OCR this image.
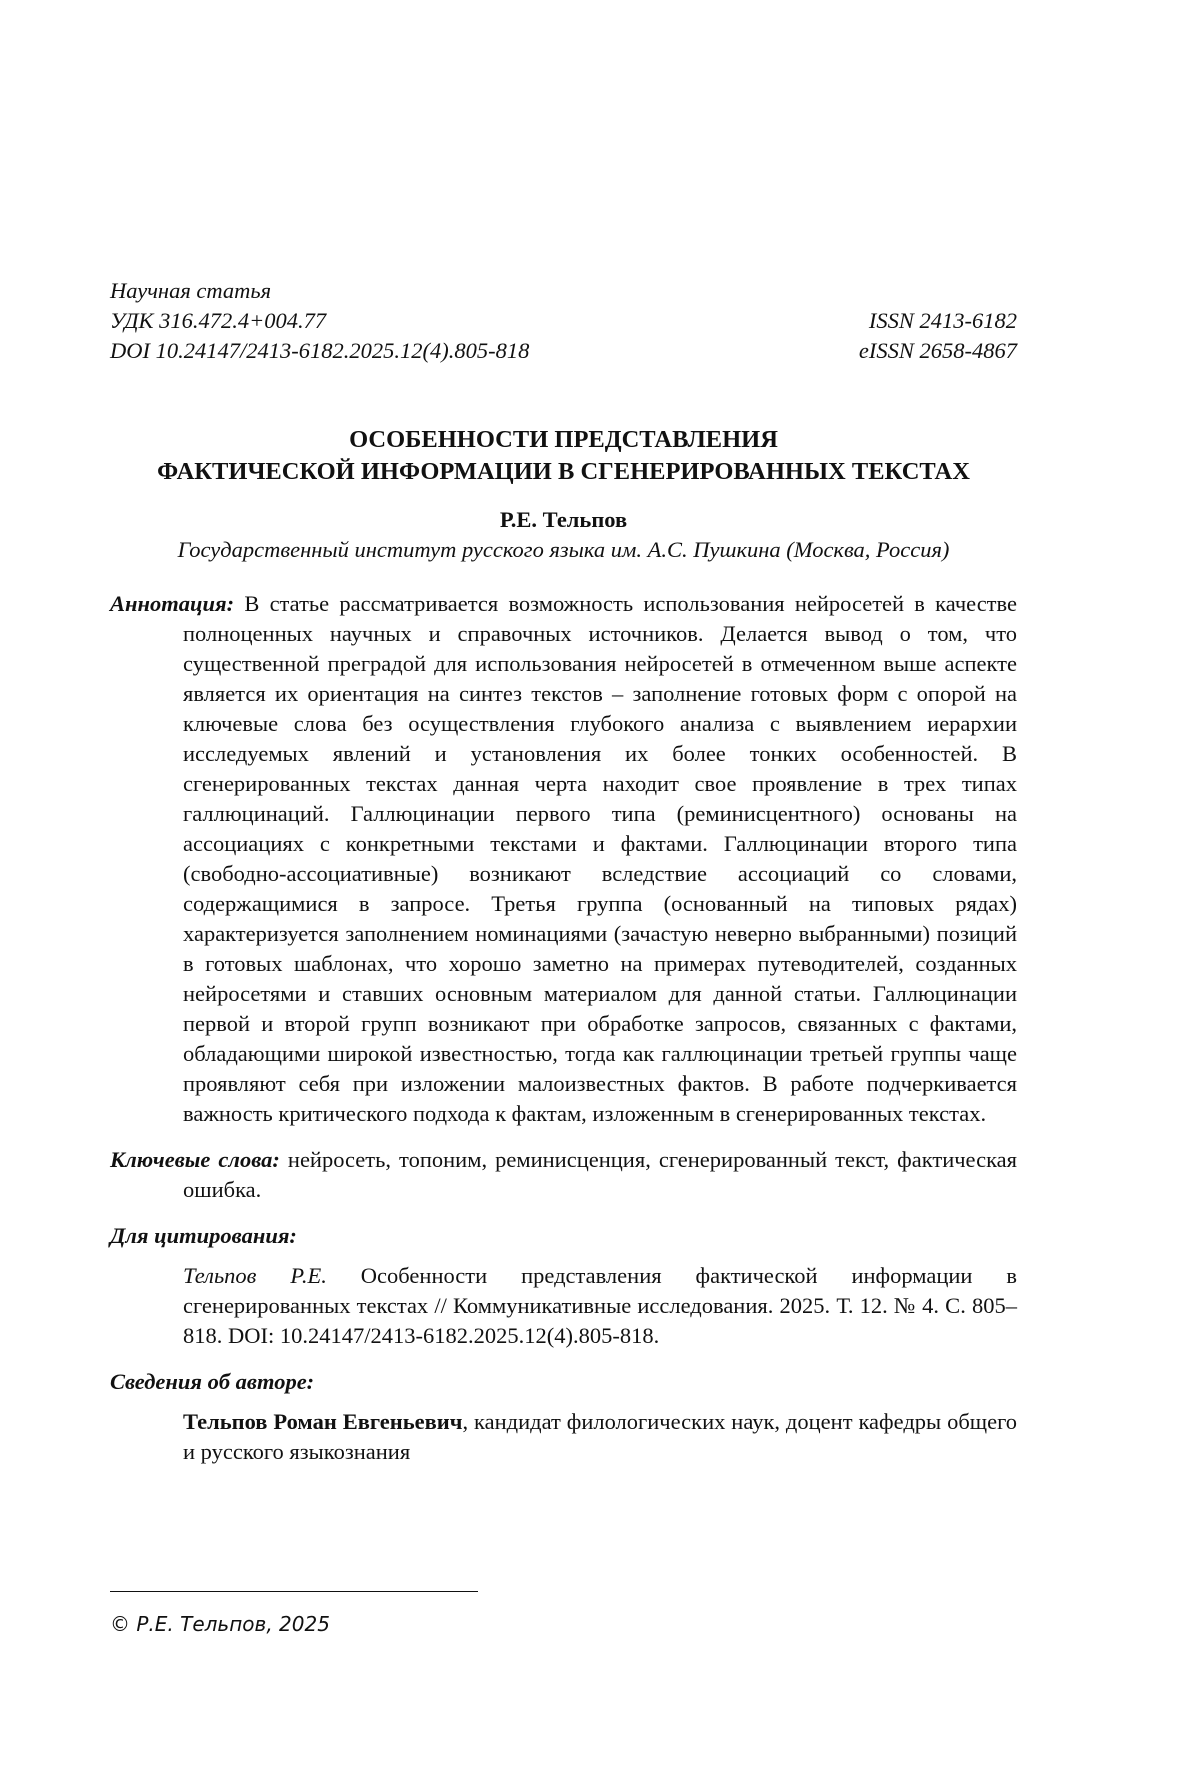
Научная статья
УДК 316.472.4+004.77	ISSN 2413-6182
DOI 10.24147/2413-6182.2025.12(4).805-818	eISSN 2658-4867
ОСОБЕННОСТИ ПРЕДСТАВЛЕНИЯ
ФАКТИЧЕСКОЙ ИНФОРМАЦИИ В СГЕНЕРИРОВАННЫХ ТЕКСТАХ
Р.Е. Тельпов
Государственный институт русского языка им. А.С. Пушкина (Москва, Россия)
Аннотация: В статье рассматривается возможность использования нейросетей в качестве полноценных научных и справочных источников. Делается вывод о том, что существенной преградой для использования нейросетей в отмеченном выше аспекте является их ориентация на синтез текстов – заполнение готовых форм с опорой на ключевые слова без осуществления глубокого анализа с выявлением иерархии исследуемых явлений и установления их более тонких особенностей. В сгенерированных текстах данная черта находит свое проявление в трех типах галлюцинаций. Галлюцинации первого типа (реминисцентного) основаны на ассоциациях с конкретными текстами и фактами. Галлюцинации второго типа (свободно-ассоциативные) возникают вследствие ассоциаций со словами, содержащимися в запросе. Третья группа (основанный на типовых рядах) характеризуется заполнением номинациями (зачастую неверно выбранными) позиций в готовых шаблонах, что хорошо заметно на примерах путеводителей, созданных нейросетями и ставших основным материалом для данной статьи. Галлюцинации первой и второй групп возникают при обработке запросов, связанных с фактами, обладающими широкой известностью, тогда как галлюцинации третьей группы чаще проявляют себя при изложении малоизвестных фактов. В работе подчеркивается важность критического подхода к фактам, изложенным в сгенерированных текстах.
Ключевые слова: нейросеть, топоним, реминисценция, сгенерированный текст, фактическая ошибка.
Для цитирования:
Тельпов Р.Е. Особенности представления фактической информации в сгенерированных текстах // Коммуникативные исследования. 2025. Т. 12. № 4. С. 805–818. DOI: 10.24147/2413-6182.2025.12(4).805-818.
Сведения об авторе:
Тельпов Роман Евгеньевич, кандидат филологических наук, доцент кафедры общего и русского языкознания
© Р.Е. Тельпов, 2025
